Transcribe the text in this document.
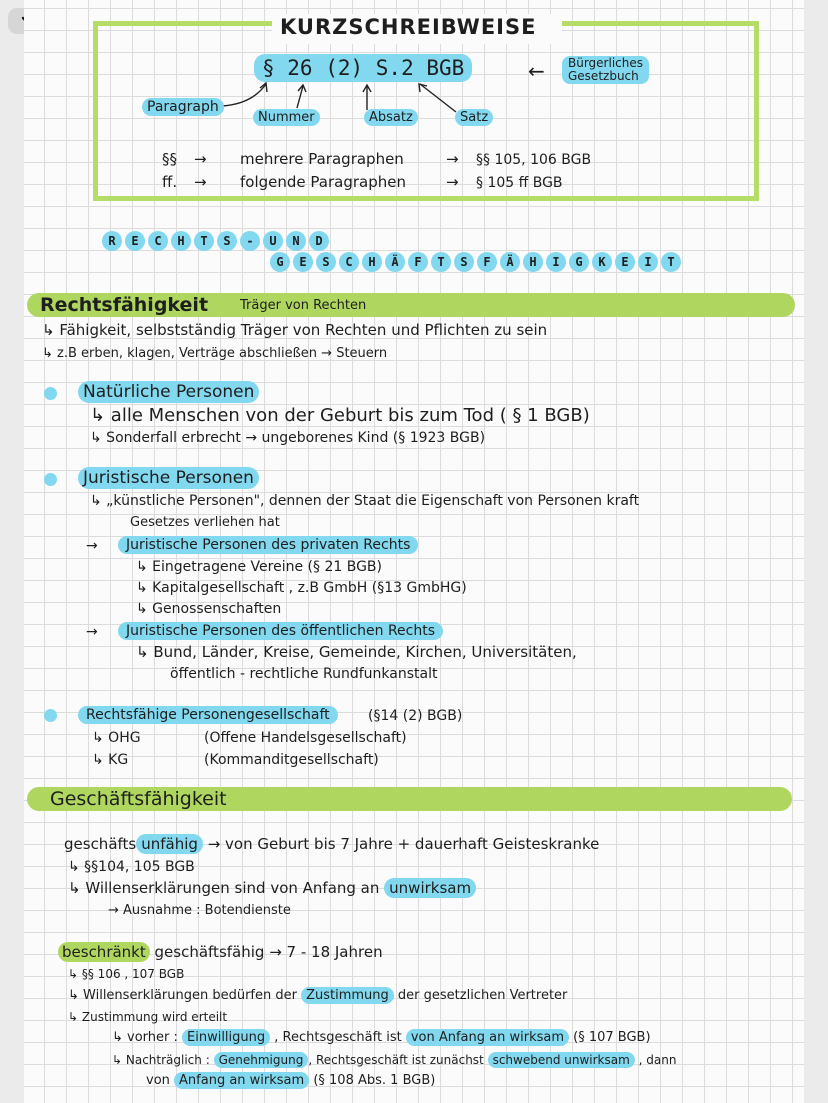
KURZSCHREIBWEISE
§ 26 (2) S.2 BGB	←	Bürgerliches
Gesetzbuch
Paragraph
Nummer	Absatz	Satz
§§ → mehrere Paragraphen	→ §§ 105, 106 BGB
ff. → folgende Paragraphen	→ § 105 ff BGB
R E C H T S - U N D
G E S C H Ä F T S F Ä H I G K E I T
Rechtsfähigkeit Träger von Rechten
↳ Fähigkeit, selbstständig Träger von Rechten und Pflichten zu sein
↳ z.B erben, klagen, Verträge abschließen → Steuern
Natürliche Personen
↳ alle Menschen von der Geburt bis zum Tod ( § 1 BGB)
↳ Sonderfall erbrecht → ungeborenes Kind (§ 1923 BGB)
Juristische Personen
↳ „künstliche Personen", dennen der Staat die Eigenschaft von Personen kraft
Gesetzes verliehen hat
→	Juristische Personen des privaten Rechts
↳ Eingetragene Vereine (§ 21 BGB)
↳ Kapitalgesellschaft , z.B GmbH (§13 GmbHG)
↳ Genossenschaften
→	Juristische Personen des öffentlichen Rechts
↳ Bund, Länder, Kreise, Gemeinde, Kirchen, Universitäten,
öffentlich - rechtliche Rundfunkanstalt
Rechtsfähige Personengesellschaft	(§14 (2) BGB)
↳ OHG	(Offene Handelsgesellschaft)
↳ KG	(Kommanditgesellschaft)
Geschäftsfähigkeit
geschäfts unfähig → von Geburt bis 7 Jahre + dauerhaft Geisteskranke
↳ §§104, 105 BGB
↳ Willenserklärungen sind von Anfang an unwirksam
→ Ausnahme : Botendienste
beschränkt geschäftsfähig → 7 - 18 Jahren
↳ §§ 106 , 107 BGB
↳ Willenserklärungen bedürfen der Zustimmung der gesetzlichen Vertreter
↳ Zustimmung wird erteilt
↳ vorher : Einwilligung , Rechtsgeschäft ist von Anfang an wirksam (§ 107 BGB)
↳ Nachträglich : Genehmigung , Rechtsgeschäft ist zunächst schwebend unwirksam , dann
von Anfang an wirksam (§ 108 Abs. 1 BGB)
